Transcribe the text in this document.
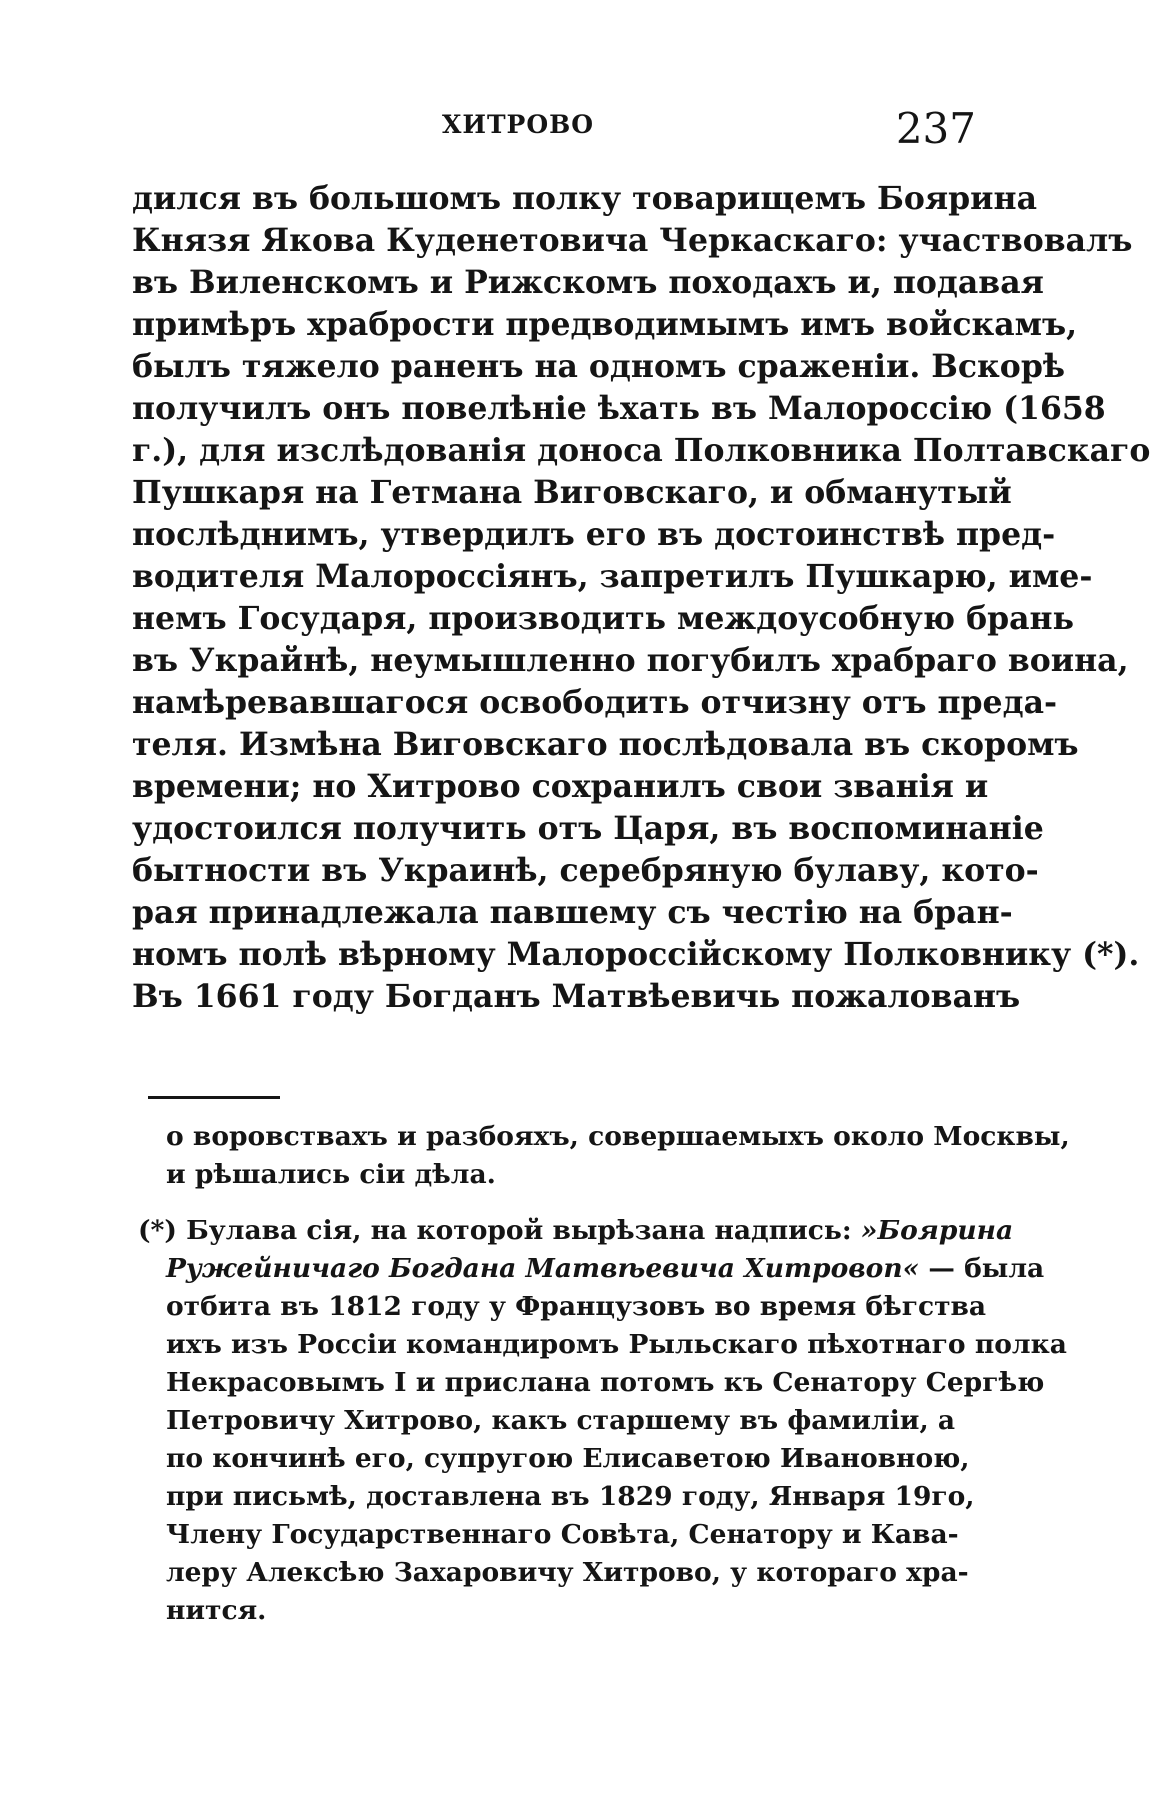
ХИТРОВО	237
дился въ большомъ полку товарищемъ Боярина
Князя Якова Куденетовича Черкаскаго: участвовалъ
въ Виленскомъ и Рижскомъ походахъ и, подавая
примѣръ храбрости предводимымъ имъ войскамъ,
былъ тяжело раненъ на одномъ сраженіи. Вскорѣ
получилъ онъ повелѣніе ѣхать въ Малороссію (1658
г.), для изслѣдованія доноса Полковника Полтавскаго
Пушкаря на Гетмана Виговскаго, и обманутый
послѣднимъ, утвердилъ его въ достоинствѣ пред-
водителя Малороссіянъ, запретилъ Пушкарю, име-
немъ Государя, производить междоусобную брань
въ Украйнѣ, неумышленно погубилъ храбраго воина,
намѣревавшагося освободить отчизну отъ преда-
теля. Измѣна Виговскаго послѣдовала въ скоромъ
времени; но Хитрово сохранилъ свои званія и
удостоился получить отъ Царя, въ воспоминаніе
бытности въ Украинѣ, серебряную булаву, кото-
рая принадлежала павшему съ честію на бран-
номъ полѣ вѣрному Малороссійскому Полковнику (*).
Въ 1661 году Богданъ Матвѣевичь пожалованъ
о воровствахъ и разбояхъ, совершаемыхъ около Москвы,
и рѣшались сіи дѣла.
(*) Булава сія, на которой вырѣзана надпись: »Боярина
Ружейничаго Богдана Матвѣевича Хитровоn« — была
отбита въ 1812 году у Французовъ во время бѣгства
ихъ изъ Россіи командиромъ Рыльскаго пѣхотнаго полка
Некрасовымъ I и прислана потомъ къ Сенатору Сергѣю
Петровичу Хитрово, какъ старшему въ фамиліи, а
по кончинѣ его, супругою Елисаветою Ивановною,
при письмѣ, доставлена въ 1829 году, Января 19го,
Члену Государственнаго Совѣта, Сенатору и Кава-
леру Алексѣю Захаровичу Хитрово, у котораго хра-
нится.
